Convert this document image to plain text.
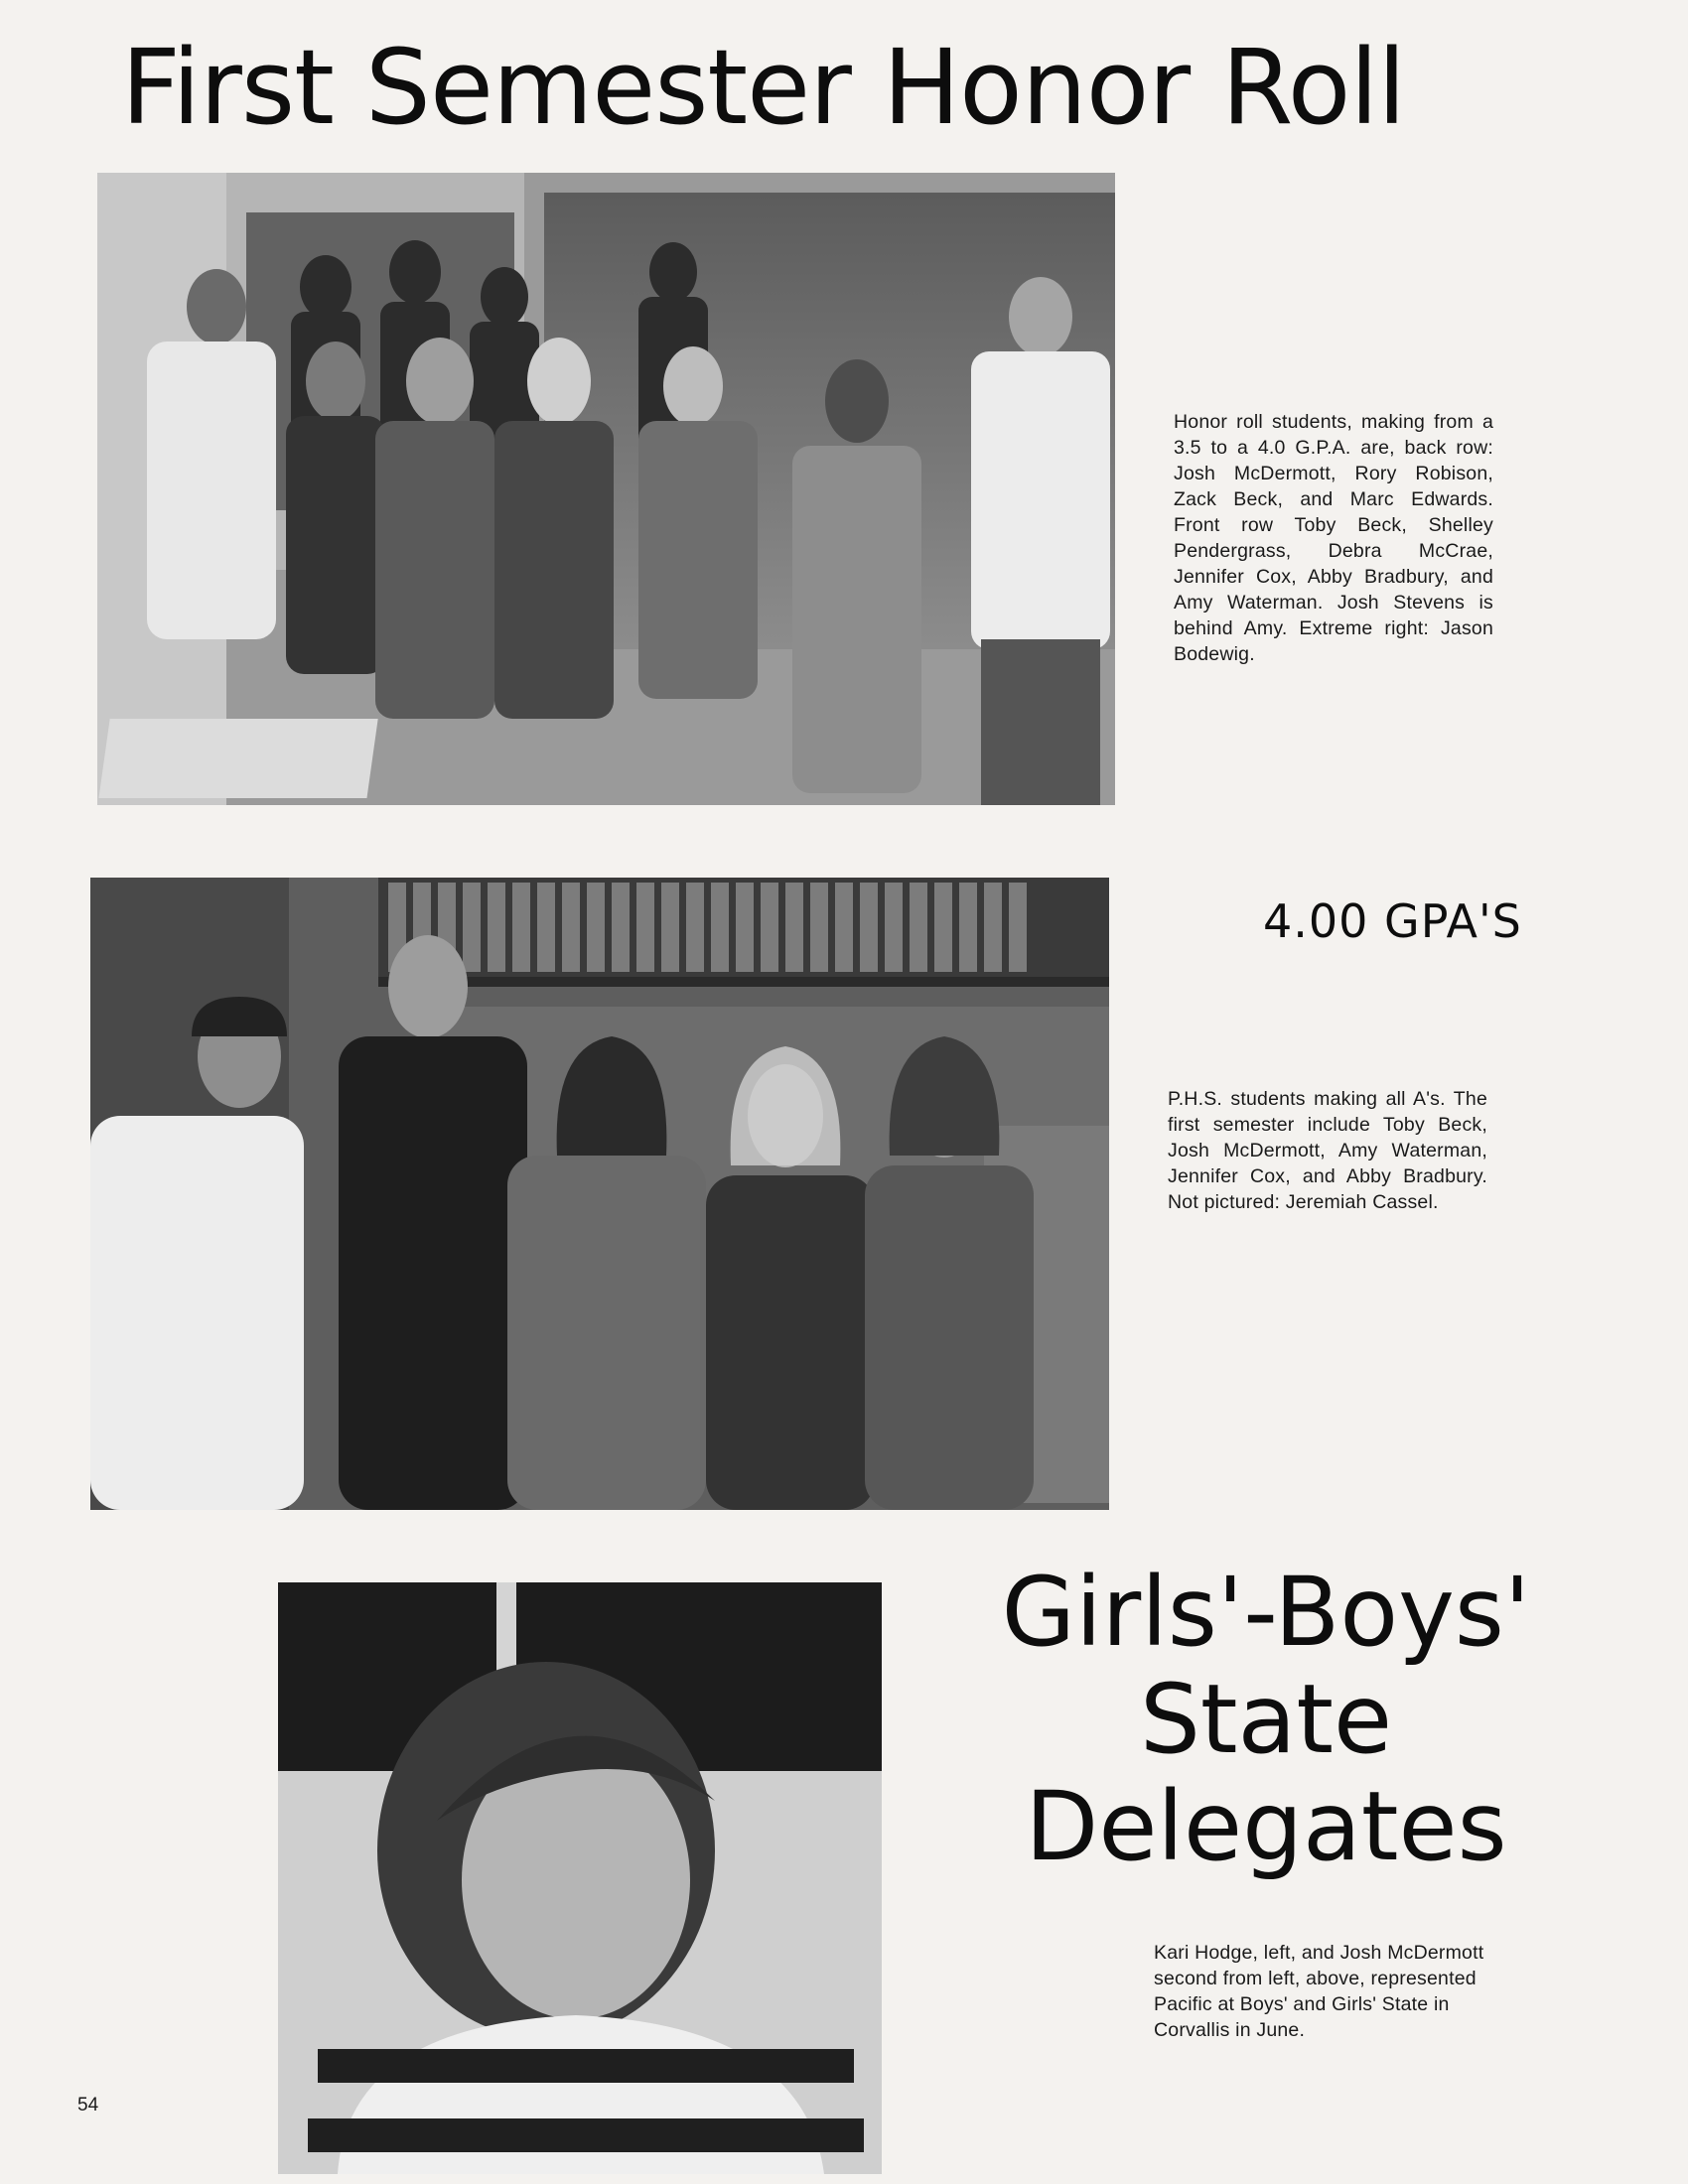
First Semester Honor Roll

Honor roll students, making from a 3.5 to a 4.0 G.P.A. are, back row: Josh McDermott, Rory Robison, Zack Beck, and Marc Edwards. Front row Toby Beck, Shelley Pendergrass, Debra McCrae, Jennifer Cox, Abby Bradbury, and Amy Waterman. Josh Stevens is behind Amy. Extreme right: Jason Bodewig.

4.00 GPA'S

P.H.S. students making all A's. The first semester include Toby Beck, Josh McDermott, Amy Waterman, Jennifer Cox, and Abby Bradbury. Not pictured: Jeremiah Cassel.

Girls'-Boys'
State
Delegates

Kari Hodge, left, and Josh McDermott second from left, above, represented Pacific at Boys' and Girls' State in Corvallis in June.

54
